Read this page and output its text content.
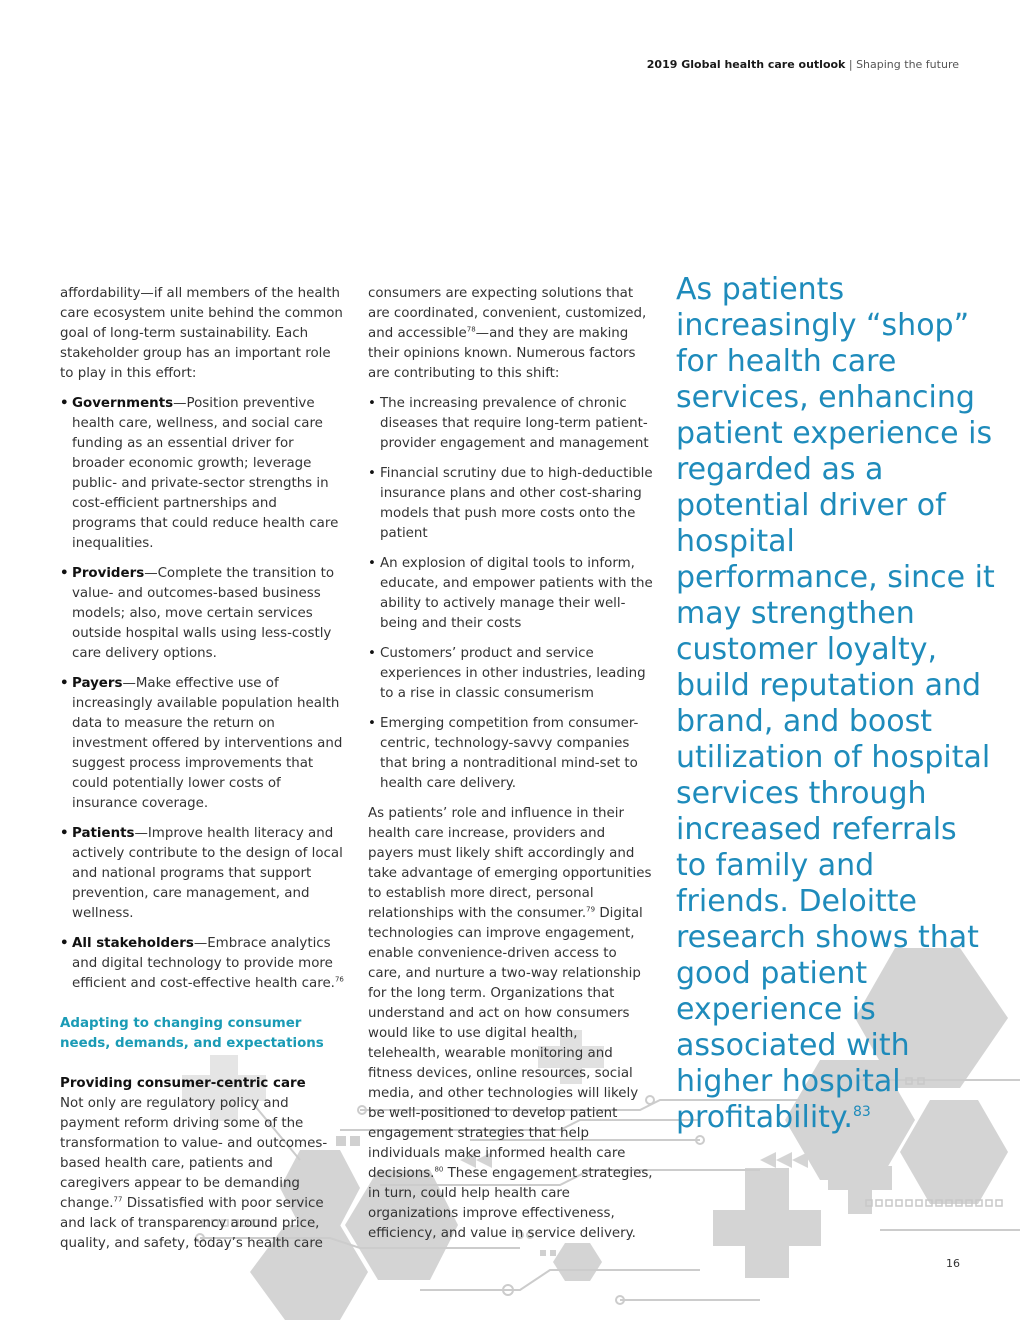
2019 Global health care outlook | Shaping the future

affordability—if all members of the health care ecosystem unite behind the common goal of long-term sustainability. Each stakeholder group has an important role to play in this effort:

• Governments—Position preventive health care, wellness, and social care funding as an essential driver for broader economic growth; leverage public- and private-sector strengths in cost-efficient partnerships and programs that could reduce health care inequalities.
• Providers—Complete the transition to value- and outcomes-based business models; also, move certain services outside hospital walls using less-costly care delivery options.
• Payers—Make effective use of increasingly available population health data to measure the return on investment offered by interventions and suggest process improvements that could potentially lower costs of insurance coverage.
• Patients—Improve health literacy and actively contribute to the design of local and national programs that support prevention, care management, and wellness.
• All stakeholders—Embrace analytics and digital technology to provide more efficient and cost-effective health care.$^{76}$
Adapting to changing consumer needs, demands, and expectations
Providing consumer-centric care

Not only are regulatory policy and payment reform driving some of the transformation to value- and outcomes-based health care, patients and caregivers appear to be demanding change.$^{77}$ Dissatisfied with poor service and lack of transparency around price, quality, and safety, today’s health care

consumers are expecting solutions that are coordinated, convenient, customized, and accessible$^{78}$—and they are making their opinions known. Numerous factors are contributing to this shift:

• The increasing prevalence of chronic diseases that require long-term patient-provider engagement and management
• Financial scrutiny due to high-deductible insurance plans and other cost-sharing models that push more costs onto the patient
• An explosion of digital tools to inform, educate, and empower patients with the ability to actively manage their well-being and their costs
• Customers’ product and service experiences in other industries, leading to a rise in classic consumerism
• Emerging competition from consumer-centric, technology-savvy companies that bring a nontraditional mind-set to health care delivery.

As patients’ role and influence in their health care increase, providers and payers must likely shift accordingly and take advantage of emerging opportunities to establish more direct, personal relationships with the consumer.$^{79}$ Digital technologies can improve engagement, enable convenience-driven access to care, and nurture a two-way relationship for the long term. Organizations that understand and act on how consumers would like to use digital health, telehealth, wearable monitoring and fitness devices, online resources, social media, and other technologies will likely be well-positioned to develop patient engagement strategies that help individuals make informed health care decisions.$^{80}$ These engagement strategies, in turn, could help health care organizations improve effectiveness, efficiency, and value in service delivery.

As patients increasingly “shop” for health care services, enhancing patient experience is regarded as a potential driver of hospital performance, since it may strengthen customer loyalty, build reputation and brand, and boost utilization of hospital services through increased referrals to family and friends. Deloitte research shows that good patient experience is associated with higher hospital profitability.$^{83}$
16
